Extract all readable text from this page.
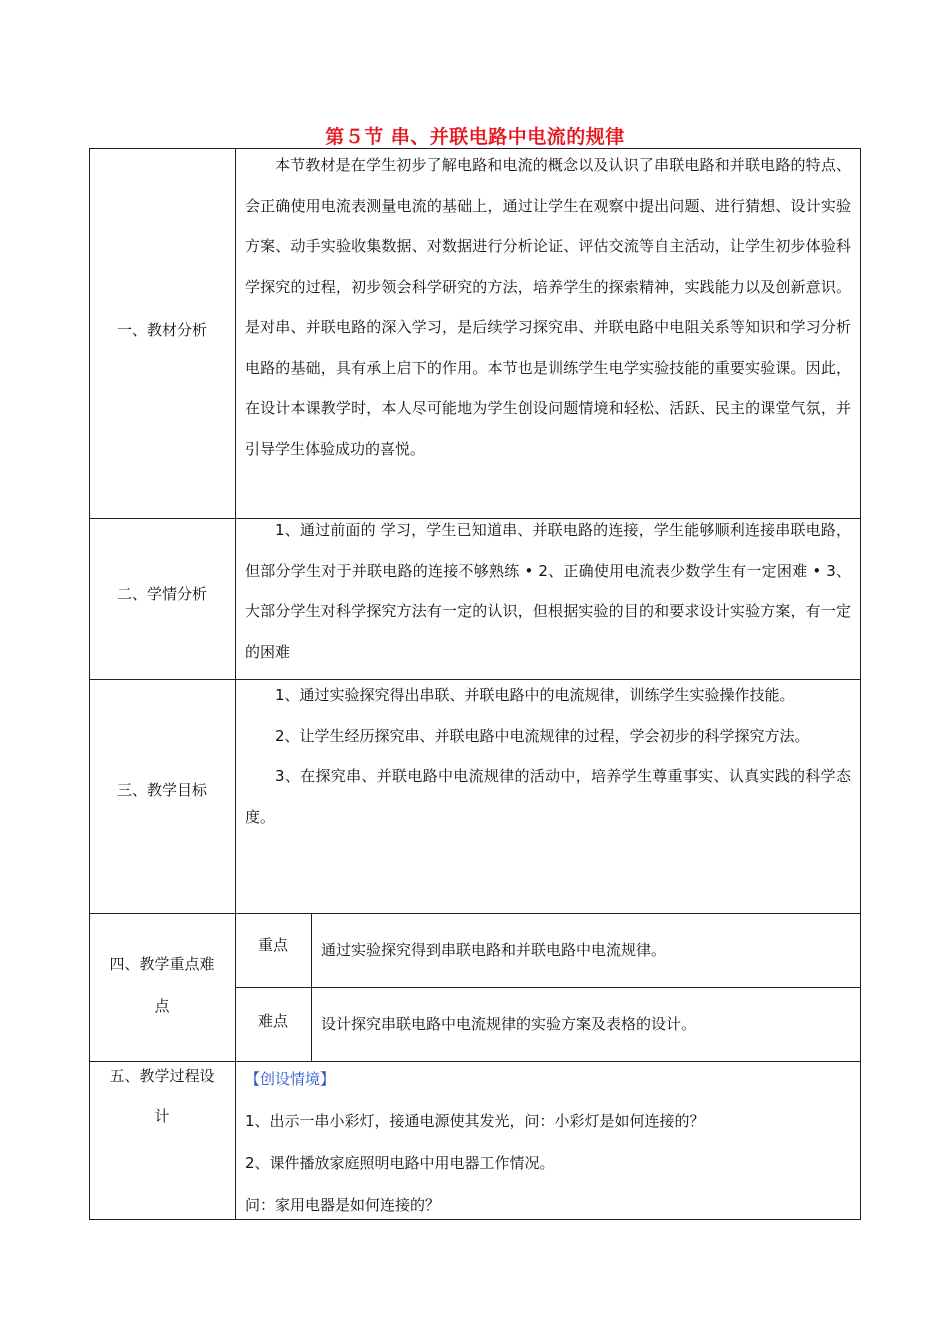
第５节 串、并联电路中电流的规律
一、教材分析

本节教材是在学生初步了解电路和电流的概念以及认识了串联电路和并联电路的特点、会正确使用电流表测量电流的基础上，通过让学生在观察中提出问题、进行猜想、设计实验方案、动手实验收集数据、对数据进行分析论证、评估交流等自主活动，让学生初步体验科学探究的过程，初步领会科学研究的方法，培养学生的探索精神，实践能力以及创新意识。是对串、并联电路的深入学习，是后续学习探究串、并联电路中电阻关系等知识和学习分析电路的基础，具有承上启下的作用。本节也是训练学生电学实验技能的重要实验课。因此，在设计本课教学时，本人尽可能地为学生创设问题情境和轻松、活跃、民主的课堂气氛，并引导学生体验成功的喜悦。

二、学情分析

1、通过前面的 学习，学生已知道串、并联电路的连接，学生能够顺利连接串联电路，但部分学生对于并联电路的连接不够熟练 • 2、正确使用电流表少数学生有一定困难 • 3、大部分学生对科学探究方法有一定的认识，但根据实验的目的和要求设计实验方案，有一定的困难

三、教学目标

1、通过实验探究得出串联、并联电路中的电流规律，训练学生实验操作技能。

2、让学生经历探究串、并联电路中电流规律的过程，学会初步的科学探究方法。

3、在探究串、并联电路中电流规律的活动中，培养学生尊重事实、认真实践的科学态度。

四、教学重点难
点
重点	通过实验探究得到串联电路和并联电路中电流规律。
难点	设计探究串联电路中电流规律的实验方案及表格的设计。
五、教学过程设
计

【创设情境】

1、出示一串小彩灯，接通电源使其发光，问：小彩灯是如何连接的？

2、课件播放家庭照明电路中用电器工作情况。

问：家用电器是如何连接的？
